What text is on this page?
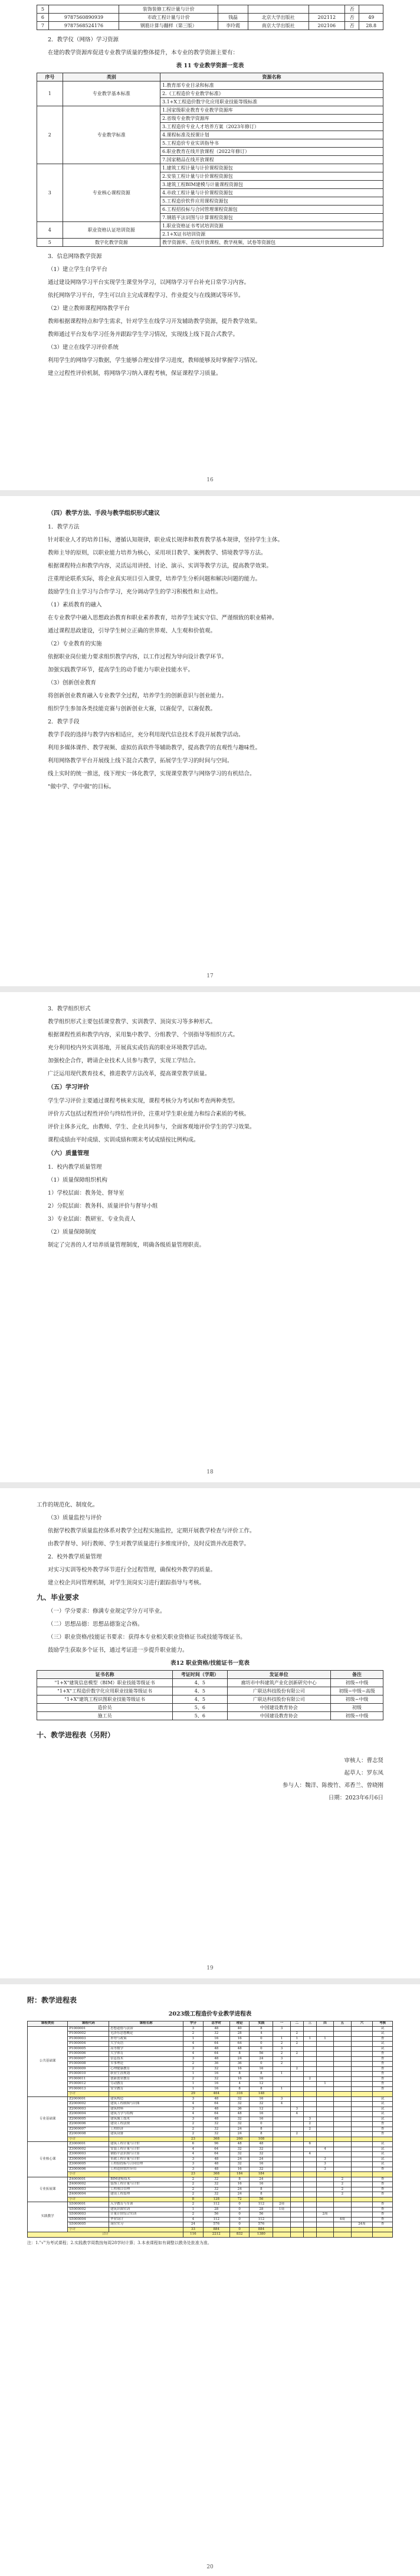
5		装饰装修工程计量与计价				否	
6	9787560890939	市政工程计量与计价	钱磊	北京大学出版社	202112	否	49
7	9787568524176	钢筋计算与翻样（第三版）	李玲霞	南京大学出版社	202106	否	28.8

2．教学仪（网络）学习资源

在建的教学资源库促进专业教学质量的整体提升，本专业的教学资源主要有：

表 11 专业教学资源一览表
序号	类别	资源名称
1	专业教学基本标准	1.教育部专业目录和标准
		2.《工程造价专业教学标准》
		3.1+X工程造价数字化应用职业技能等级标准
2	专业教学标准	1.国家级职业教育专业教学资源库
		2.省级专业教学资源库
		3.工程造价专业人才培养方案（2023年修订）
		4.课程标准及授课计划
		5.工程造价专业实训指导书
		6.职业教育在线开放课程（2022年修订）
		7.国家精品在线开放课程
3	专业核心课程资源	1.建筑工程计量与计价课程资源包
		2.安装工程计量与计价课程资源包
		3.建筑工程BIM建模与计量课程资源包
		4.市政工程计量与计价课程资源包
		5.工程造价软件应用课程资源包
		6.工程招投标与合同管理课程资源包
		7.钢筋平法识图与计算课程资源包
4	职业资格认证培训资源	1.职业资格证书考试培训资源
		2.1+X证书培训资源
5	数字化教学资源	教学资源库、在线开放课程、教学视频、试卷等资源包

3．信息网络教学资源

（1）建立学生自学平台

通过建设网络学习平台实现学生课堂外学习，以网络学习平台补充日常学习内容。

依托网络学习平台，学生可以自主完成课程学习、作业提交与在线测试等环节。

（2）建立教师课程网络教学平台

教师根据课程特点和学生需求，针对学生在线学习开发辅助教学资源，提升教学效果。

教师通过平台发布学习任务并跟踪学生学习情况，实现线上线下混合式教学。

（3）建立在线学习评价系统

利用学生的网络学习数据，学生能够合理安排学习进度，教师能够及时掌握学习情况。

建立过程性评价机制，将网络学习纳入课程考核，保证课程学习质量。

16

（四）教学方法、手段与教学组织形式建议

1．教学方法

针对职业人才的培养目标，遵循认知规律，职业成长规律和教育教学基本规律，坚持学生主体。

教师主导的原则，以职业能力培养为核心，采用项目教学、案例教学、情境教学等方法。

根据课程特点和教学内容，灵活运用讲授、讨论、演示、实训等教学方法，提高教学效果。

注重理论联系实际，将企业真实项目引入课堂，培养学生分析问题和解决问题的能力。

鼓励学生自主学习与合作学习，充分调动学生的学习积极性和主动性。

（1）素质教育的融入

在专业教学中融入思想政治教育和职业素养教育，培养学生诚实守信、严谨细致的职业精神。

通过课程思政建设，引导学生树立正确的世界观、人生观和价值观。

（2）专业教育的实施

依据职业岗位能力要求组织教学内容，以工作过程为导向设计教学环节。

加强实践教学环节，提高学生的动手能力与职业技能水平。

（3）创新创业教育

将创新创业教育融入专业教学全过程，培养学生的创新意识与创业能力。

组织学生参加各类技能竞赛与创新创业大赛，以赛促学，以赛促教。

2．教学手段

教学手段的选择与教学内容相适应，充分利用现代信息技术手段开展教学活动。

利用多媒体课件、教学视频、虚拟仿真软件等辅助教学，提高教学的直观性与趣味性。

利用网络教学平台开展线上线下混合式教学，拓展学生学习的时间与空间。

线上实时的统一推送，线下理实一体化教学，实现课堂教学与网络学习的有机结合。

"做中学、学中做"的目标。

17

3．教学组织形式

教学组织形式主要包括课堂教学、实训教学、顶岗实习等多种形式。

根据课程性质和教学内容，采用集中教学、分组教学、个别指导等组织方式。

充分利用校内外实训基地，开展真实或仿真的职业环境教学活动。

加强校企合作，聘请企业技术人员参与教学，实现工学结合。

广泛运用现代教育技术，推进教学方法改革，提高课堂教学质量。

（五）学习评价

学生学习评价主要通过课程考核来实现，课程考核分为考试和考查两种类型。

评价方式包括过程性评价与终结性评价，注重对学生职业能力和综合素质的考核。

评价主体多元化，由教师、学生、企业共同参与，全面客观地评价学生的学习效果。

课程成绩由平时成绩、实训成绩和期末考试成绩按比例构成。

（六）质量管理

1．校内教学质量管理

（1）质量保障组织机构

1）学校层面：教务处、督导室

2）分院层面：教务科、质量评价与督导小组

3）专业层面：教研室、专业负责人

（2）质量保障制度

制定了完善的人才培养质量管理制度，明确各级质量管理职责。

18

工作的规范化、制度化。

（3）质量监控与评价

依据学校教学质量监控体系对教学全过程实施监控，定期开展教学检查与评价工作。

由教学督导、同行教师、学生对教学质量进行多维度评价，及时反馈并改进教学。

2．校外教学质量管理

对实习实训等校外教学环节进行全过程管理，确保校外教学的质量。

建立校企共同管理机制，对学生顶岗实习进行跟踪指导与考核。

九、毕业要求

（一）学分要求：修满专业规定学分方可毕业。

（二）思想品德：思想品德鉴定合格。

（三）职业资格/技能证书要求：获得本专业相关职业资格证书或技能等级证书。

鼓励学生获取多个证书，通过考证进一步提升职业能力。

表12 职业资格/技能证书一览表
证书名称	考证时间（学期）	发证单位	备注
"1+X"建筑信息模型（BIM）职业技能等级证书	4、5	廊坊市中科建筑产业化创新研究中心	初级~中级
"1+X"工程造价数字化应用职业技能等级证书	4、5	广联达科技股份有限公司	初级~中级~高级
"1+X"建筑工程识图职业技能等级证书	4、5	广联达科技股份有限公司	初级~中级
造价员	5、6	中国建设教育协会	初级
施工员	5、6	中国建设教育协会	初级~中级

十、教学进程表（另附）

审核人：曹志贤

起草人：罗东凤

参与人：魏洋、陈俊竹、邓香兰、曾晓刚

日期：2023年6月6日

19

附：教学进程表

2023级工程造价专业教学进程表
课程类别	课程代码	课程名称	学分	总学时	理论	实践	一	二	三	四	五	六	考核
公共基础课	P1000001	思想道德与法治	3	48	40	8	3						试
	P1000002	毛泽东思想概论	2	32	28	4		2					试
	P1000003	形势与政策	1	16	16	0	1	1	1	1			查
	P1000004	大学英语	4	64	64	0	2	2					试
	P1000005	高等数学	3	48	48	0	3						试
	P1000006	大学体育	4	64	8	56	2	2					查
	P1000007	信息技术	3	48	24	24	3						查
	P1000008	军事理论	2	36	36	0	2						查
	P1000009	心理健康教育	2	32	16	16		2					查
	P1000010	职业生涯规划	1	16	8	8	1						查
	P1000011	创新创业教育	2	32	16	16			2				查
	P1000012	劳动教育	1	16	4	12				1			查
	P1000013	安全教育	1	16	8	8	1						查
	小计		29	464	316	148							
专业基础课	Z2000001	建筑构造	3	48	32	16	3						试
	Z2000002	建筑工程制图与识图	4	64	32	32	4						试
	Z2000003	建筑材料	3	48	36	12		3					试
	Z2000004	建筑力学与结构	4	64	48	16		4					试
	Z2000005	建筑施工技术	3	48	32	16			3				试
	Z2000006	建设工程法规	2	32	32	0			2				查
	Z2000007	工程经济	2	32	24	8			2				查
	Z2000008	建筑设备	2	32	24	8		2					查
	小计		23	368	260	108							
专业核心课	Z3000001	建筑工程计量与计价	6	96	48	48			6				试
	Z3000002	安装工程计量与计价	4	64	32	32				4			试
	Z3000003	钢筋平法识图与计算	4	64	32	32			4				试
	Z3000004	市政工程计量与计价	3	48	24	24				3			试
	Z3000005	工程招投标与合同管理	3	48	32	16				3			试
	Z3000006	工程造价软件应用	3	48	16	32				3			查
	小计		23	368	184	184							
专业拓展课	Z4000001	BIM建模技术	2	32	8	24					2		查
	Z4000002	装饰工程计量与计价	2	32	16	16					2		查
	Z4000003	工程项目管理	2	32	24	8					2		查
	Z4000004	建设工程监理	2	32	24	8					2		查
	小计		8	128	72	56							
实践教学	S5000001	入学教育与军训	2	112	0	112	2周						查
	S5000002	建筑识图实训	1	28	0	28	1周						查
	S5000003	计量计价综合实训	2	56	0	56				2周			查
	S5000004	毕业设计	4	112	0	112					4周		查
	S5000005	岗位实习	24	576	0	576						24周	查
	小计		33	884	0	884							
合计			116	2212	832	1380							
注：1."√"为考试课程；2.实践教学周数按每周28学时计算；3.本表课程如有调整以教务处批准为准。
20
